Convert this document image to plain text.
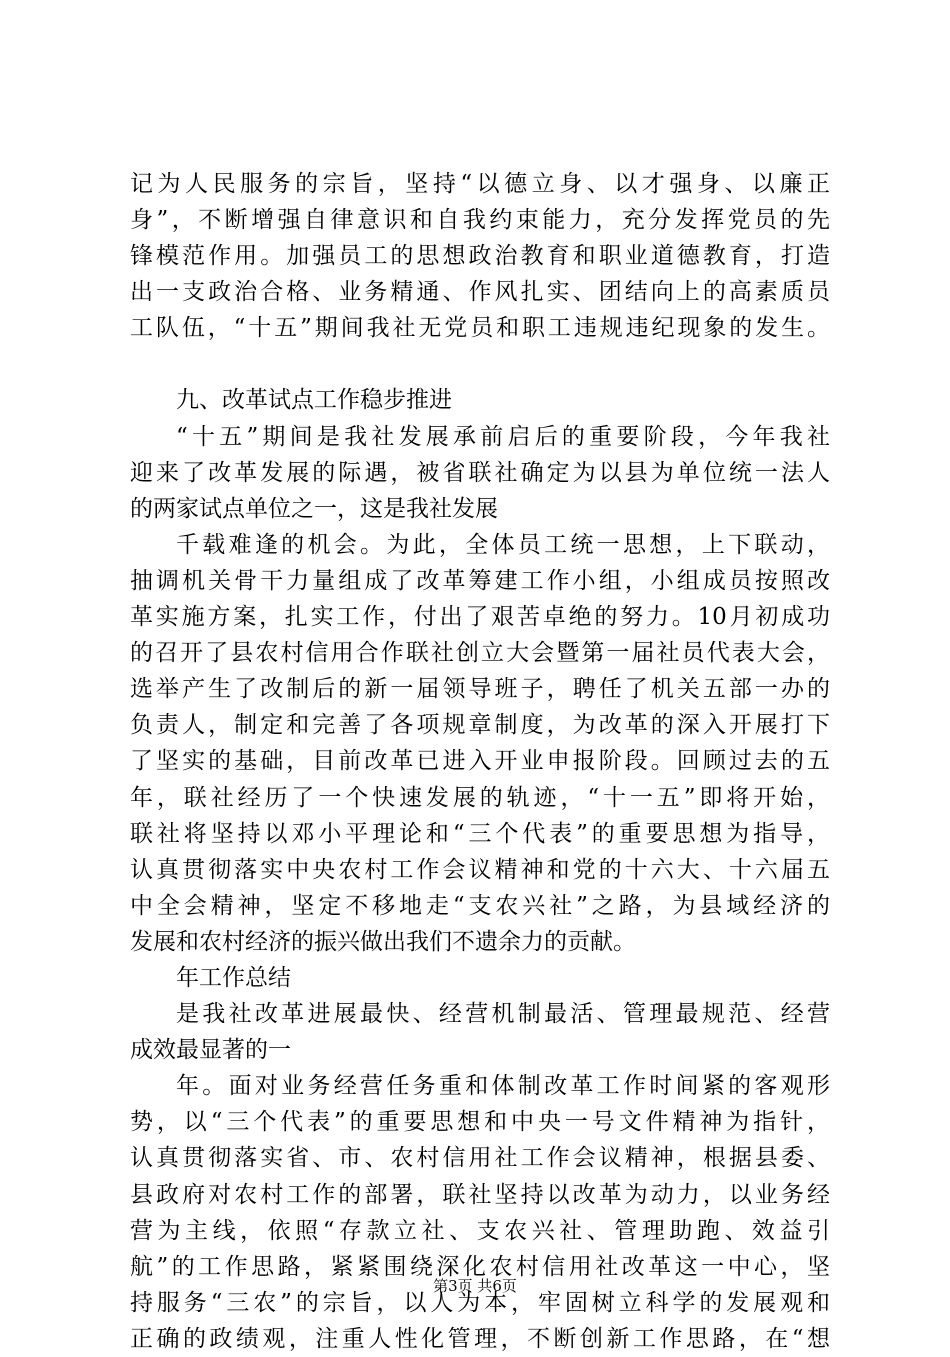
记为人民服务的宗旨，坚持“以德立身、以才强身、以廉正
身”，不断增强自律意识和自我约束能力，充分发挥党员的先
锋模范作用。加强员工的思想政治教育和职业道德教育，打造
出一支政治合格、业务精通、作风扎实、团结向上的高素质员
工队伍，“十五”期间我社无党员和职工违规违纪现象的发生。
九、改革试点工作稳步推进
“十五”期间是我社发展承前启后的重要阶段，今年我社
迎来了改革发展的际遇，被省联社确定为以县为单位统一法人
的两家试点单位之一，这是我社发展
千载难逢的机会。为此，全体员工统一思想，上下联动，
抽调机关骨干力量组成了改革筹建工作小组，小组成员按照改
革实施方案，扎实工作，付出了艰苦卓绝的努力。10月初成功
的召开了县农村信用合作联社创立大会暨第一届社员代表大会，
选举产生了改制后的新一届领导班子，聘任了机关五部一办的
负责人，制定和完善了各项规章制度，为改革的深入开展打下
了坚实的基础，目前改革已进入开业申报阶段。回顾过去的五
年，联社经历了一个快速发展的轨迹，“十一五”即将开始，
联社将坚持以邓小平理论和“三个代表”的重要思想为指导，
认真贯彻落实中央农村工作会议精神和党的十六大、十六届五
中全会精神，坚定不移地走“支农兴社”之路，为县域经济的
发展和农村经济的振兴做出我们不遗余力的贡献。
年工作总结
是我社改革进展最快、经营机制最活、管理最规范、经营
成效最显著的一
年。面对业务经营任务重和体制改革工作时间紧的客观形
势，以“三个代表”的重要思想和中央一号文件精神为指针，
认真贯彻落实省、市、农村信用社工作会议精神，根据县委、
县政府对农村工作的部署，联社坚持以改革为动力，以业务经
营为主线，依照“存款立社、支农兴社、管理助跑、效益引
航”的工作思路，紧紧围绕深化农村信用社改革这一中心，坚
持服务“三农”的宗旨，以人为本，牢固树立科学的发展观和
正确的政绩观，注重人性化管理，不断创新工作思路，在“想
第3页 共6页
